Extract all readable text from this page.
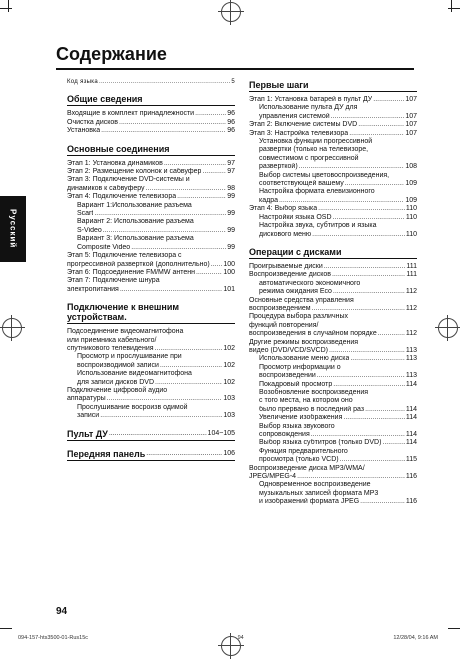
Содержание
Русский
Код языка .....	5
Общие сведения
Входящие в комплект принадлежности .....	96
Очистка дисков .....	96
Установка .....	96
Основные соединения
Этап 1: Установка динамиков .....	97
Этап 2: Размещение колонок и сабвуфер .....	97
Этап 3: Подключение DVD-системы и
динамиков к сабвуферу .....	98
Этап 4: Подключение телевизора .....	99
Вариант 1:Использование разъема
Scart .....	99
Вариант 2: Использование разъема
S-Video .....	99
Вариант 3: Использование разъема
Composite Video .....	99
Этап 5: Подключение телевизора с
прогрессивной разверткой (дополнительно) ..... 100
Этап 6: Подсоединение FM/MW антенн .....	100
Этап 7: Подключение шнура
электропитания .....	101
Подключение к внешним
устройствам.
Подсоединение видеомагнитофона
или приемника кабельного/
спутникового телевидения .....	102
Просмотр и прослушивание при
воспроизводимой записи .....	102
Использование видеомагнитофона
для записи дисков DVD .....	102
Подключение цифровой аудио
аппаратуры .....	103
Прослушивание восроизв одимой
записи .....	103
Пульт ДУ .....	104~105
Передняя панель .....	106
Первые шаги
Этап 1: Установка батарей в пульт ДУ .....	107
Использование пульта ДУ для
управления системой .....	107
Этап 2: Включение системы DVD .....	107
Этап 3: Настройка телевизора .....	107
Установка функции прогрессивной
развертки (только на телевизоре,
совместимом с прогрессивной
разверткой) .....	108
Выбор системы цветовоспроизведения,
соответствующей вашему .....	109
Настройка формата елевизионного
кадра .....	109
Этап 4: Выбор языка .....	110
Настройки языка OSD .....	110
Настройка звука, субтитров и языка
дискового меню .....	110
Операции с дисками
Проигрываемые диски .....	111
Воспроизведение дисков .....	111
автоматического экономичного
режима ожидания Eco .....	112
Основные средства управления
воспроизведением .....	112
Процедура выбора различных
функций повторения/
воспроизведения в случайном порядке .....	112
Другие режимы воспроизведения
видео (DVD/VCD/SVCD) .....	113
Использование меню диска .....	113
Просмотр информации о
воспроизведении .....	113
Покадровый просмотр .....	114
Возобновление воспроизведения
с того места, на котором оно
было прервано в последний раз .....	114
Увеличение изображения .....	114
Выбор языка звукового
сопровождения .....	114
Выбор языка субтитров (только DVD) .....	114
Функция предварительного
просмотра (только VCD) .....	115
Воспроизведение диска MP3/WMA/
JPEG/MPEG-4 .....	116
Одновременное воспроизведение
музыкальных записей формата MP3
и изображений формата JPEG .....	116
94
094-157-hts3500-01-Rus15c	94	12/28/04, 9:16 AM
